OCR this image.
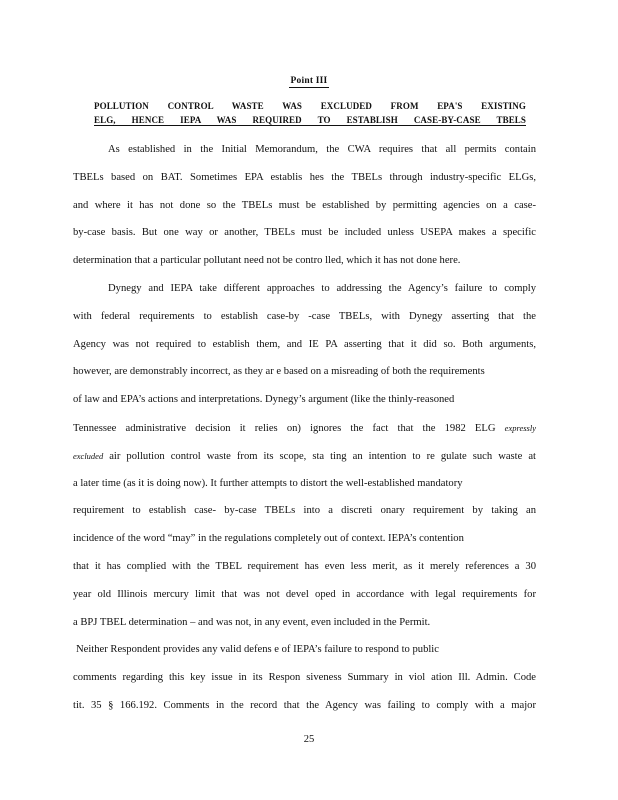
Point III
POLLUTION CONTROL WASTE WAS EXCLUDED FROM EPA'S EXISTING
ELG, HENCE IEPA WAS REQUIRED TO ESTABLISH CASE-BY-CASE TBELS
As established in the Initial Memorandum, the CWA requires that all permits contain
TBELs based on BAT. Sometimes EPA establis hes the TBELs through industry-specific ELGs,
and where it has not done so the TBELs must be established by permitting agencies on a case-
by-case basis. But one way or another, TBELs must be included unless USEPA makes a specific
determination that a particular pollutant need not be contro lled, which it has not done here.
Dynegy and IEPA take different approaches to addressing the Agency’s failure to comply
with federal requirements to establish case-by -case TBELs, with Dynegy asserting that the
Agency was not required to establish them, and IE PA asserting that it did so. Both arguments,
however, are demonstrably incorrect, as they ar e based on a misreading of both the requirements
of law and EPA’s actions and interpretations. Dynegy’s argument (like the thinly-reasoned
Tennessee administrative decision it relies on) ignores the fact that the 1982 ELG expressly
excluded air pollution control waste from its scope, sta ting an intention to re gulate such waste at
a later time (as it is doing now). It further attempts to distort the well-established mandatory
requirement to establish case- by-case TBELs into a discreti onary requirement by taking an
incidence of the word “may” in the regulations completely out of context. IEPA’s contention
that it has complied with the TBEL requirement has even less merit, as it merely references a 30
year old Illinois mercury limit that was not devel oped in accordance with legal requirements for
a BPJ TBEL determination – and was not, in any event, even included in the Permit.
Neither Respondent provides any valid defens e of IEPA’s failure to respond to public
comments regarding this key issue in its Respon siveness Summary in viol ation Ill. Admin. Code
tit. 35 § 166.192. Comments in the record that the Agency was failing to comply with a major
25
